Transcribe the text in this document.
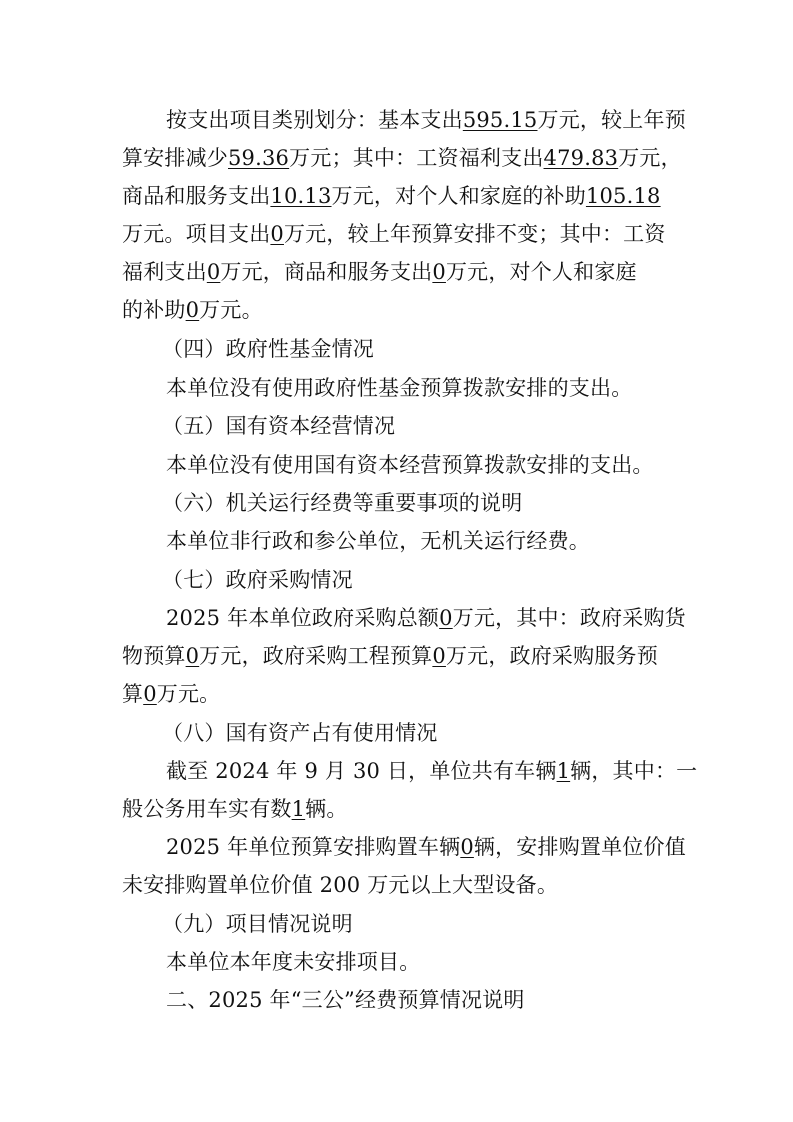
按支出项目类别划分：基本支出595.15万元，较上年预
算安排减少59.36万元；其中：工资福利支出479.83万元，
商品和服务支出10.13万元，对个人和家庭的补助105.18
万元。项目支出0万元，较上年预算安排不变；其中：工资
福利支出0万元，商品和服务支出0万元，对个人和家庭
的补助0万元。
（四）政府性基金情况
本单位没有使用政府性基金预算拨款安排的支出。
（五）国有资本经营情况
本单位没有使用国有资本经营预算拨款安排的支出。
（六）机关运行经费等重要事项的说明
本单位非行政和参公单位，无机关运行经费。
（七）政府采购情况
2025 年本单位政府采购总额0万元，其中：政府采购货
物预算0万元，政府采购工程预算0万元，政府采购服务预
算0万元。
（八）国有资产占有使用情况
截至 2024 年 9 月 30 日，单位共有车辆1辆，其中：一
般公务用车实有数1辆。
2025 年单位预算安排购置车辆0辆，安排购置单位价值
未安排购置单位价值 200 万元以上大型设备。
（九）项目情况说明
本单位本年度未安排项目。
二、2025 年“三公”经费预算情况说明
